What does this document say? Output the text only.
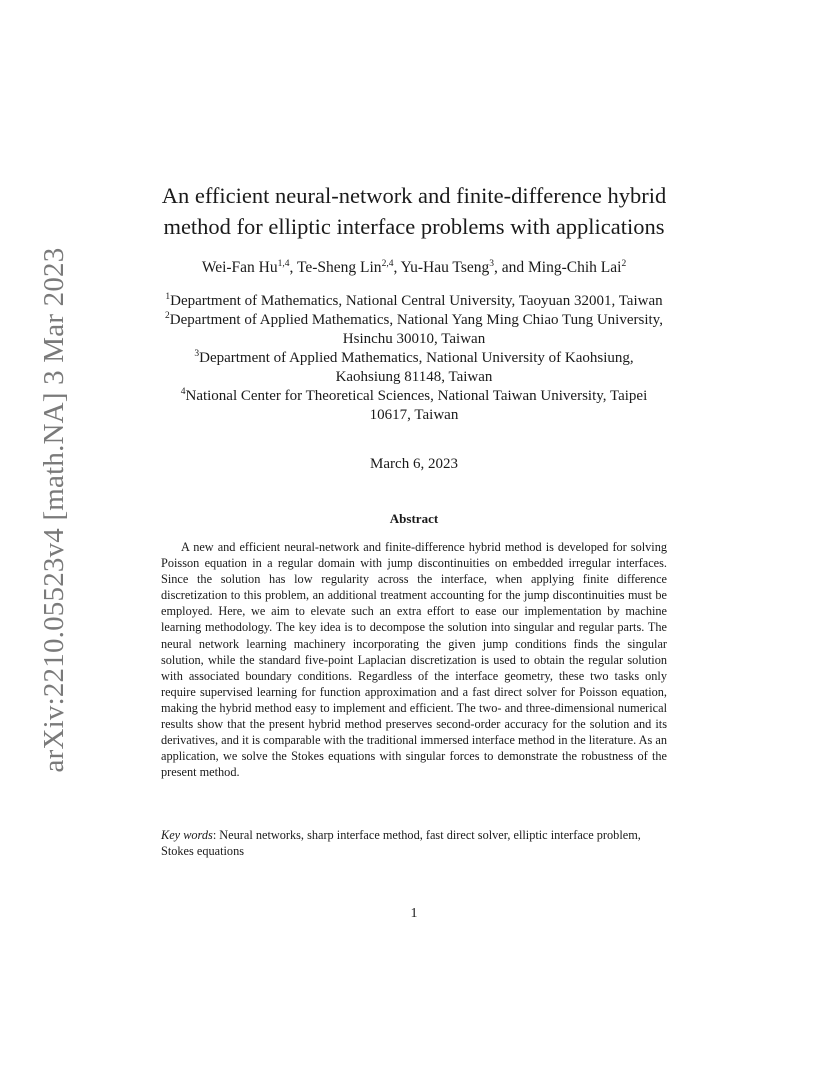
arXiv:2210.05523v4 [math.NA] 3 Mar 2023
An efficient neural-network and finite-difference hybrid
method for elliptic interface problems with applications
Wei-Fan Hu$^{1,4}$, Te-Sheng Lin$^{2,4}$, Yu-Hau Tseng$^3$, and Ming-Chih Lai$^2$
$^1$Department of Mathematics, National Central University, Taoyuan 32001, Taiwan
$^2$Department of Applied Mathematics, National Yang Ming Chiao Tung University,
Hsinchu 30010, Taiwan
$^3$Department of Applied Mathematics, National University of Kaohsiung,
Kaohsiung 81148, Taiwan
$^4$National Center for Theoretical Sciences, National Taiwan University, Taipei
10617, Taiwan
March 6, 2023
Abstract
A new and efficient neural-network and finite-difference hybrid method is developed for solving Poisson equation in a regular domain with jump discontinuities on embedded irregular interfaces. Since the solution has low regularity across the interface, when applying finite difference discretization to this problem, an additional treatment accounting for the jump discontinuities must be employed. Here, we aim to elevate such an extra effort to ease our implementation by machine learning methodology. The key idea is to decompose the solution into singular and regular parts. The neural network learning machinery incorporating the given jump conditions finds the singular solution, while the standard five-point Laplacian discretization is used to obtain the regular solution with associated boundary conditions. Regardless of the interface geometry, these two tasks only require supervised learning for function approximation and a fast direct solver for Poisson equation, making the hybrid method easy to implement and efficient. The two- and three-dimensional numerical results show that the present hybrid method preserves second-order accuracy for the solution and its derivatives, and it is comparable with the traditional immersed interface method in the literature. As an application, we solve the Stokes equations with singular forces to demonstrate the robustness of the present method.
Key words: Neural networks, sharp interface method, fast direct solver, elliptic interface problem, Stokes equations
1
